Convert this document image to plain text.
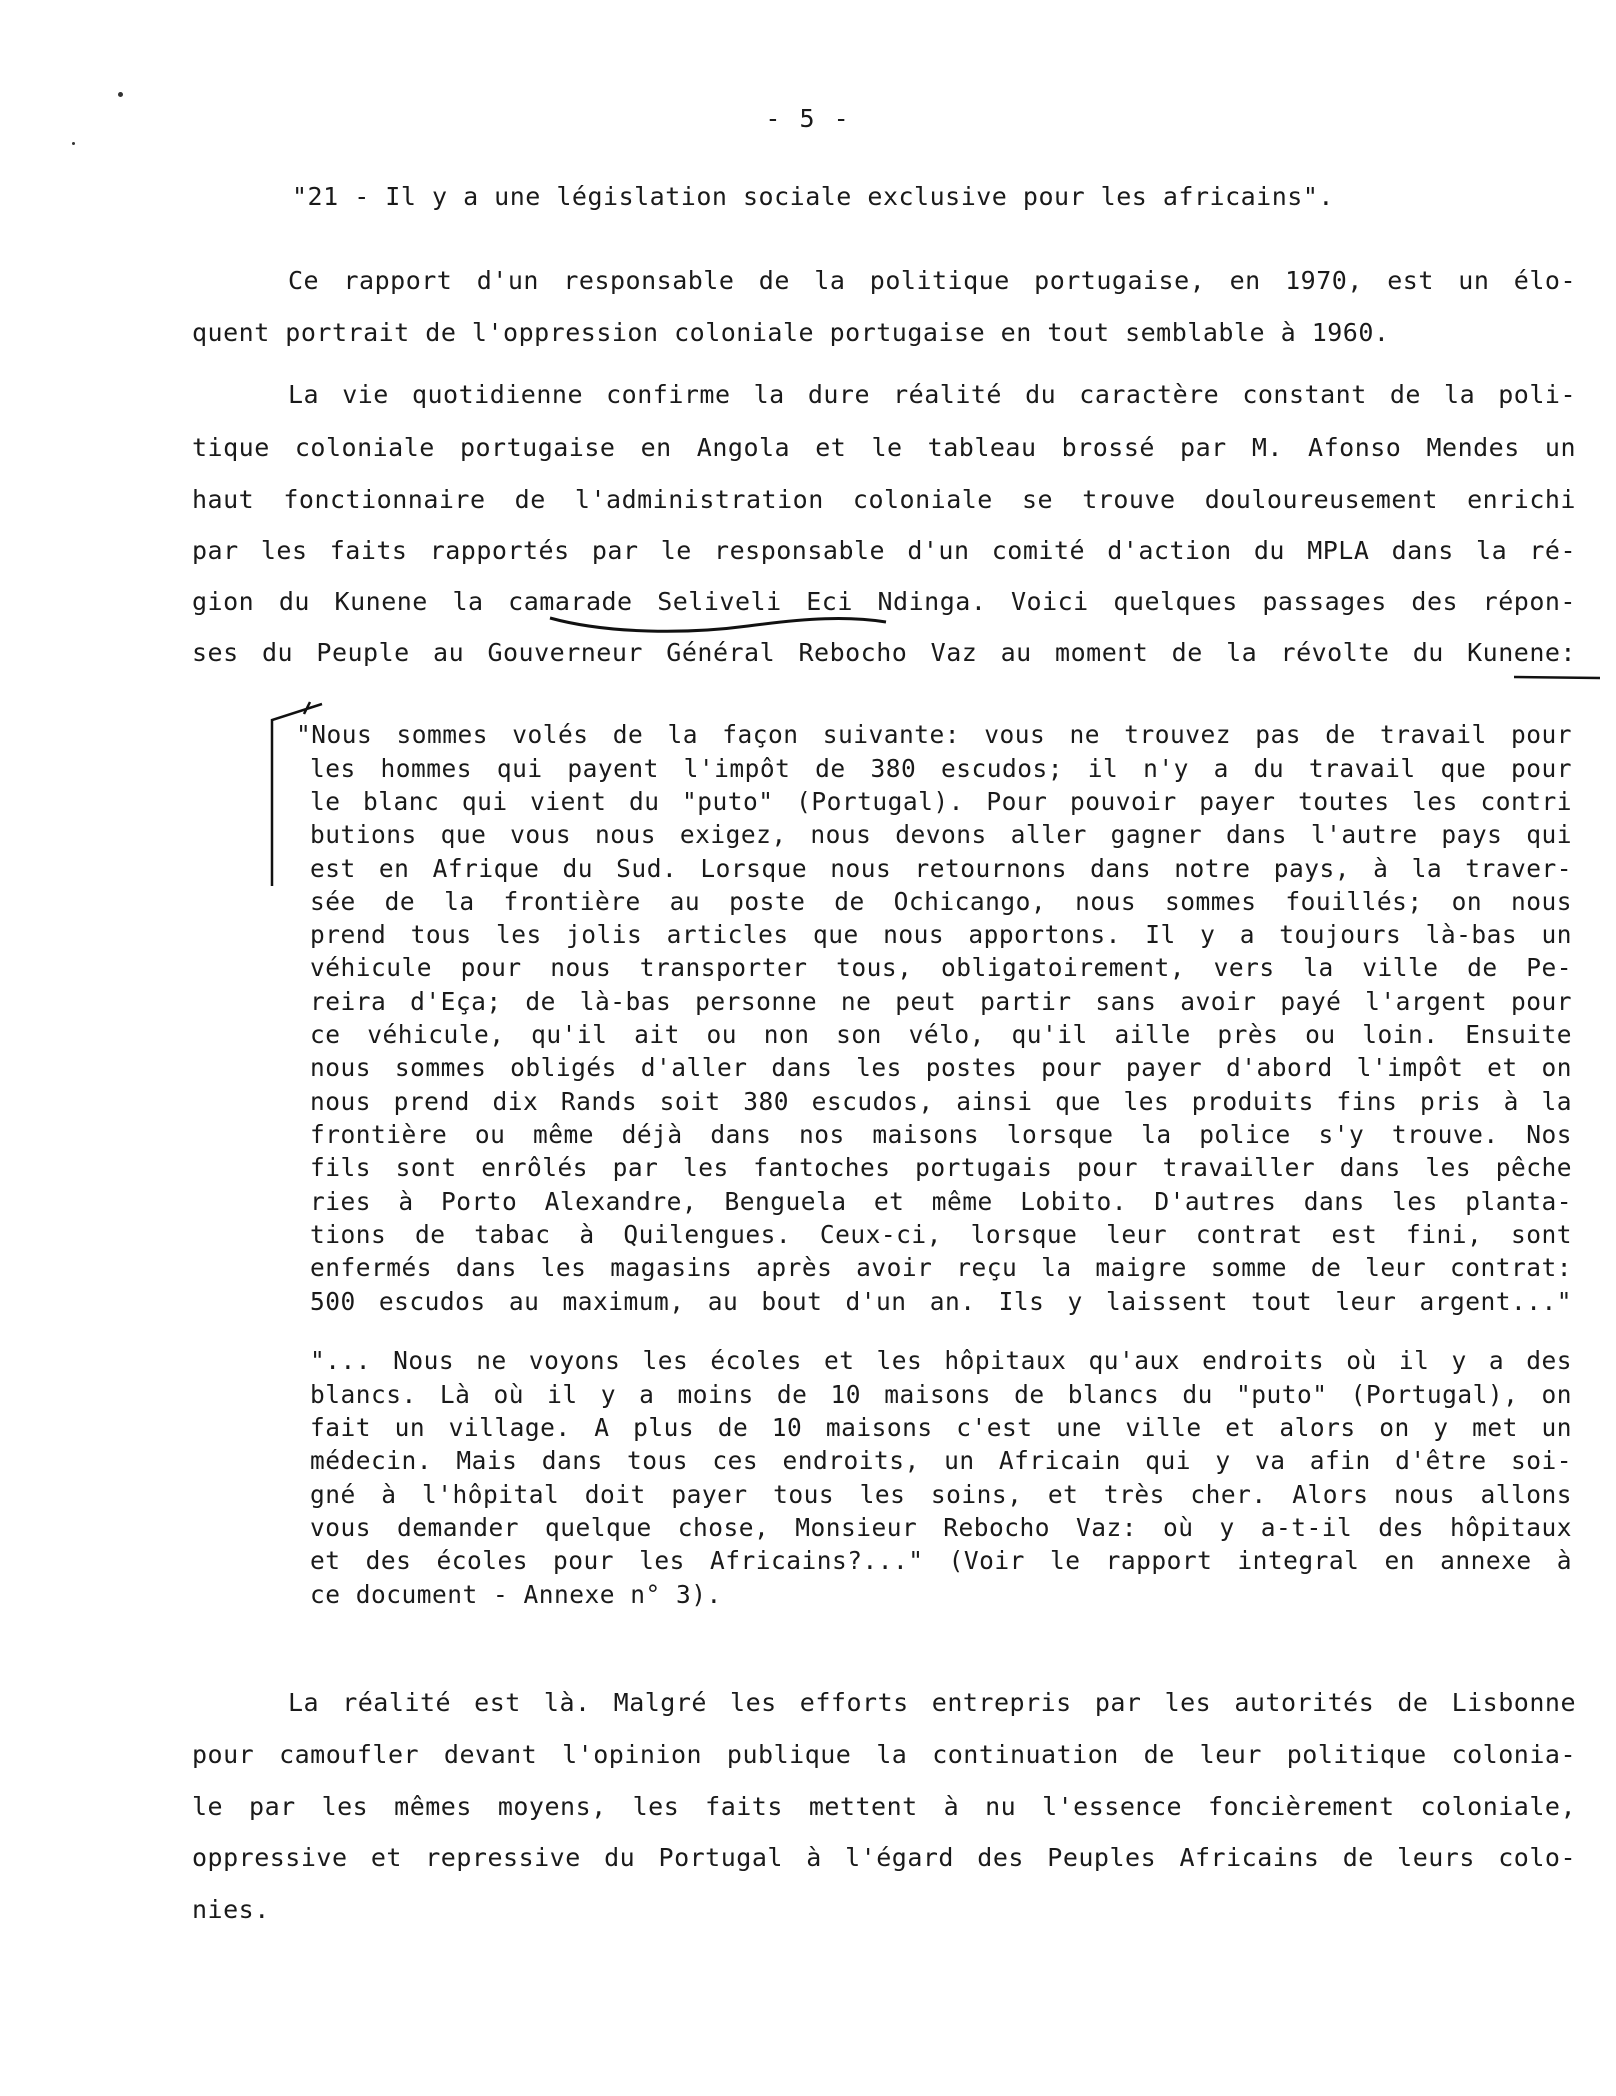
- 5 -
"21 - Il y a une législation sociale exclusive pour les africains".
Ce rapport d'un responsable de la politique portugaise, en 1970, est un élo-
quent portrait de l'oppression coloniale portugaise en tout semblable à 1960.
La vie quotidienne confirme la dure réalité du caractère constant de la poli-
tique coloniale portugaise en Angola et le tableau brossé par M. Afonso Mendes un
haut fonctionnaire de l'administration coloniale se trouve douloureusement enrichi
par les faits rapportés par le responsable d'un comité d'action du MPLA dans la ré-
gion du Kunene la camarade Seliveli Eci Ndinga. Voici quelques passages des répon-
ses du Peuple au Gouverneur Général Rebocho Vaz au moment de la révolte du Kunene:
"Nous sommes volés de la façon suivante: vous ne trouvez pas de travail pour
les hommes qui payent l'impôt de 380 escudos; il n'y a du travail que pour
le blanc qui vient du "puto" (Portugal). Pour pouvoir payer toutes les contri
butions que vous nous exigez, nous devons aller gagner dans l'autre pays qui
est en Afrique du Sud. Lorsque nous retournons dans notre pays, à la traver-
sée de la frontière au poste de Ochicango, nous sommes fouillés; on nous
prend tous les jolis articles que nous apportons. Il y a toujours là-bas un
véhicule pour nous transporter tous, obligatoirement, vers la ville de Pe-
reira d'Eça; de là-bas personne ne peut partir sans avoir payé l'argent pour
ce véhicule, qu'il ait ou non son vélo, qu'il aille près ou loin. Ensuite
nous sommes obligés d'aller dans les postes pour payer d'abord l'impôt et on
nous prend dix Rands soit 380 escudos, ainsi que les produits fins pris à la
frontière ou même déjà dans nos maisons lorsque la police s'y trouve. Nos
fils sont enrôlés par les fantoches portugais pour travailler dans les pêche
ries à Porto Alexandre, Benguela et même Lobito. D'autres dans les planta-
tions de tabac à Quilengues. Ceux-ci, lorsque leur contrat est fini, sont
enfermés dans les magasins après avoir reçu la maigre somme de leur contrat:
500 escudos au maximum, au bout d'un an. Ils y laissent tout leur argent..."
"... Nous ne voyons les écoles et les hôpitaux qu'aux endroits où il y a des
blancs. Là où il y a moins de 10 maisons de blancs du "puto" (Portugal), on
fait un village. A plus de 10 maisons c'est une ville et alors on y met un
médecin. Mais dans tous ces endroits, un Africain qui y va afin d'être soi-
gné à l'hôpital doit payer tous les soins, et très cher. Alors nous allons
vous demander quelque chose, Monsieur Rebocho Vaz: où y a-t-il des hôpitaux
et des écoles pour les Africains?..." (Voir le rapport integral en annexe à
ce document - Annexe n° 3).
La réalité est là. Malgré les efforts entrepris par les autorités de Lisbonne
pour camoufler devant l'opinion publique la continuation de leur politique colonia-
le par les mêmes moyens, les faits mettent à nu l'essence foncièrement coloniale,
oppressive et repressive du Portugal à l'égard des Peuples Africains de leurs colo-
nies.
